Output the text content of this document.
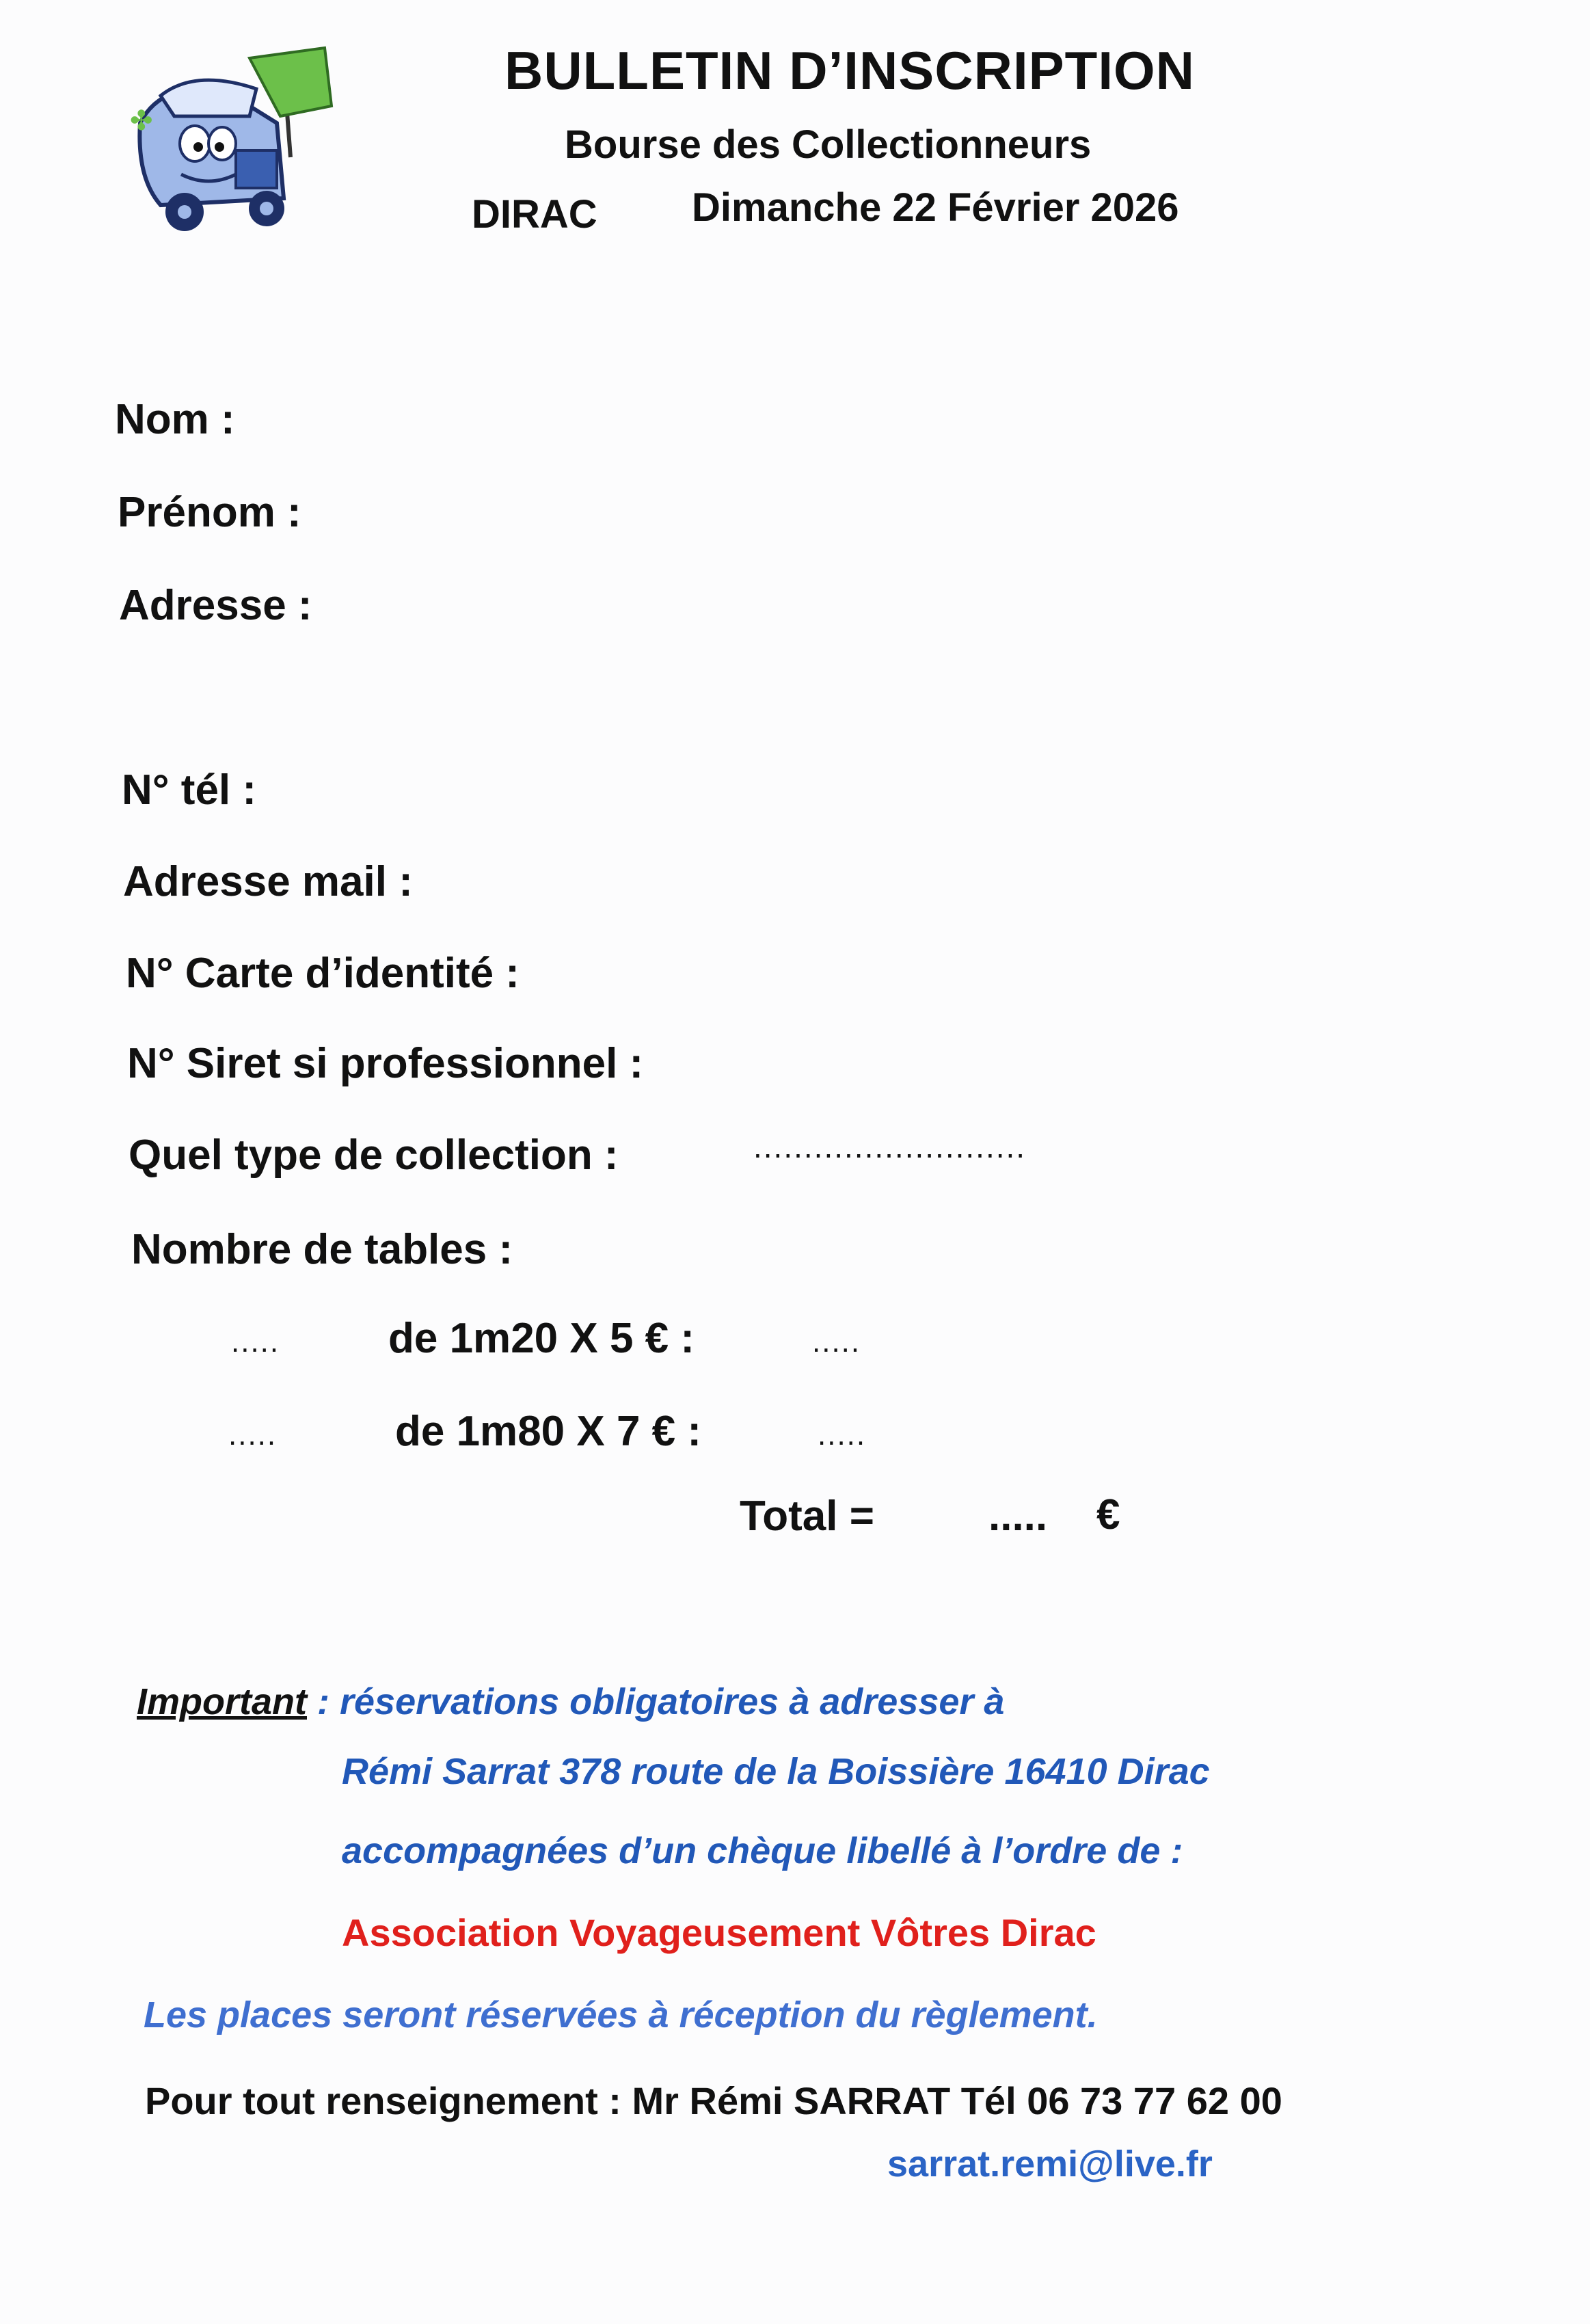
✤
BULLETIN D’INSCRIPTION
Bourse des Collectionneurs
DIRAC Dimanche 22 Février 2026
Nom :
Prénom :
Adresse :
N° tél :
Adresse mail :
N° Carte d’identité :
N° Siret si professionnel :
Quel type de collection :	...........................
Nombre de tables :
.....	de 1m20 X 5 € :	.....
.....	de 1m80 X 7 € :	.....
Total =	..... €
Important : réservations obligatoires à adresser à
Rémi Sarrat 378 route de la Boissière 16410 Dirac
accompagnées d’un chèque libellé à l’ordre de :
Association Voyageusement Vôtres Dirac
Les places seront réservées à réception du règlement.
Pour tout renseignement : Mr Rémi SARRAT Tél 06 73 77 62 00
sarrat.remi@live.fr
